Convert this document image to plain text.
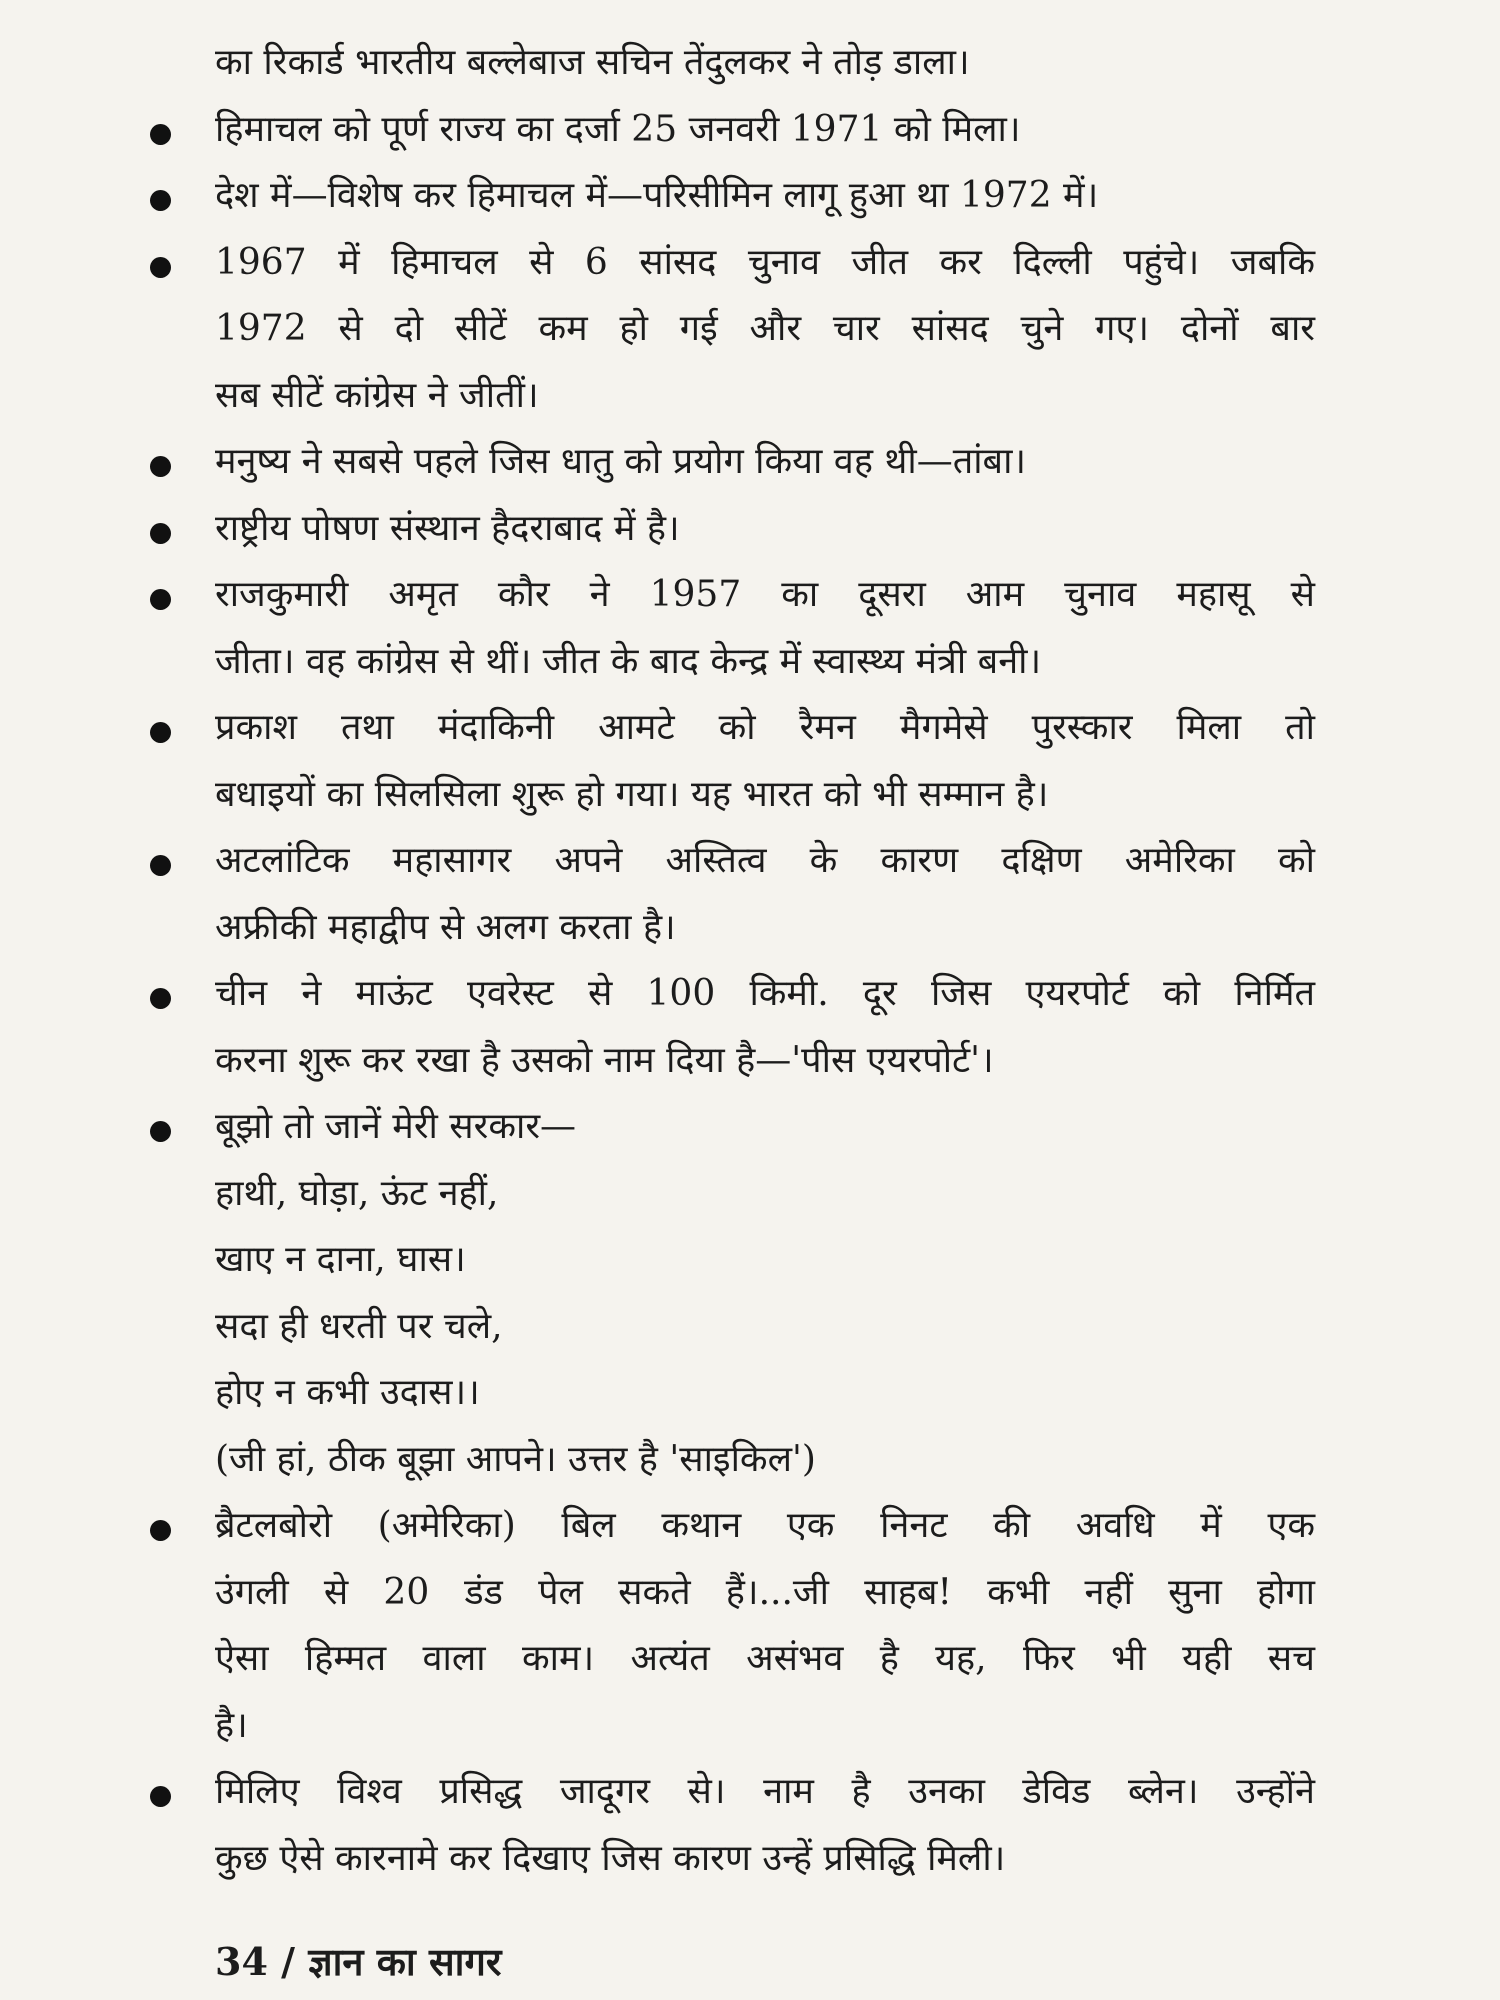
का रिकार्ड भारतीय बल्लेबाज सचिन तेंदुलकर ने तोड़ डाला।
हिमाचल को पूर्ण राज्य का दर्जा 25 जनवरी 1971 को मिला।
देश में—विशेष कर हिमाचल में—परिसीमिन लागू हुआ था 1972 में।
1967 में हिमाचल से 6 सांसद चुनाव जीत कर दिल्ली पहुंचे। जबकि
1972 से दो सीटें कम हो गई और चार सांसद चुने गए। दोनों बार
सब सीटें कांग्रेस ने जीतीं।
मनुष्य ने सबसे पहले जिस धातु को प्रयोग किया वह थी—तांबा।
राष्ट्रीय पोषण संस्थान हैदराबाद में है।
राजकुमारी अमृत कौर ने 1957 का दूसरा आम चुनाव महासू से
जीता। वह कांग्रेस से थीं। जीत के बाद केन्द्र में स्वास्थ्य मंत्री बनी।
प्रकाश तथा मंदाकिनी आमटे को रैमन मैगमेसे पुरस्कार मिला तो
बधाइयों का सिलसिला शुरू हो गया। यह भारत को भी सम्मान है।
अटलांटिक महासागर अपने अस्तित्व के कारण दक्षिण अमेरिका को
अफ्रीकी महाद्वीप से अलग करता है।
चीन ने माऊंट एवरेस्ट से 100 किमी. दूर जिस एयरपोर्ट को निर्मित
करना शुरू कर रखा है उसको नाम दिया है—'पीस एयरपोर्ट'।
बूझो तो जानें मेरी सरकार—
हाथी, घोड़ा, ऊंट नहीं,
खाए न दाना, घास।
सदा ही धरती पर चले,
होए न कभी उदास।।
(जी हां, ठीक बूझा आपने। उत्तर है 'साइकिल')
ब्रैटलबोरो (अमेरिका) बिल कथान एक निनट की अवधि में एक
उंगली से 20 डंड पेल सकते हैं।...जी साहब! कभी नहीं सुना होगा
ऐसा हिम्मत वाला काम। अत्यंत असंभव है यह, फिर भी यही सच
है।
मिलिए विश्व प्रसिद्ध जादूगर से। नाम है उनका डेविड ब्लेन। उन्होंने
कुछ ऐसे कारनामे कर दिखाए जिस कारण उन्हें प्रसिद्धि मिली।
34 / ज्ञान का सागर
